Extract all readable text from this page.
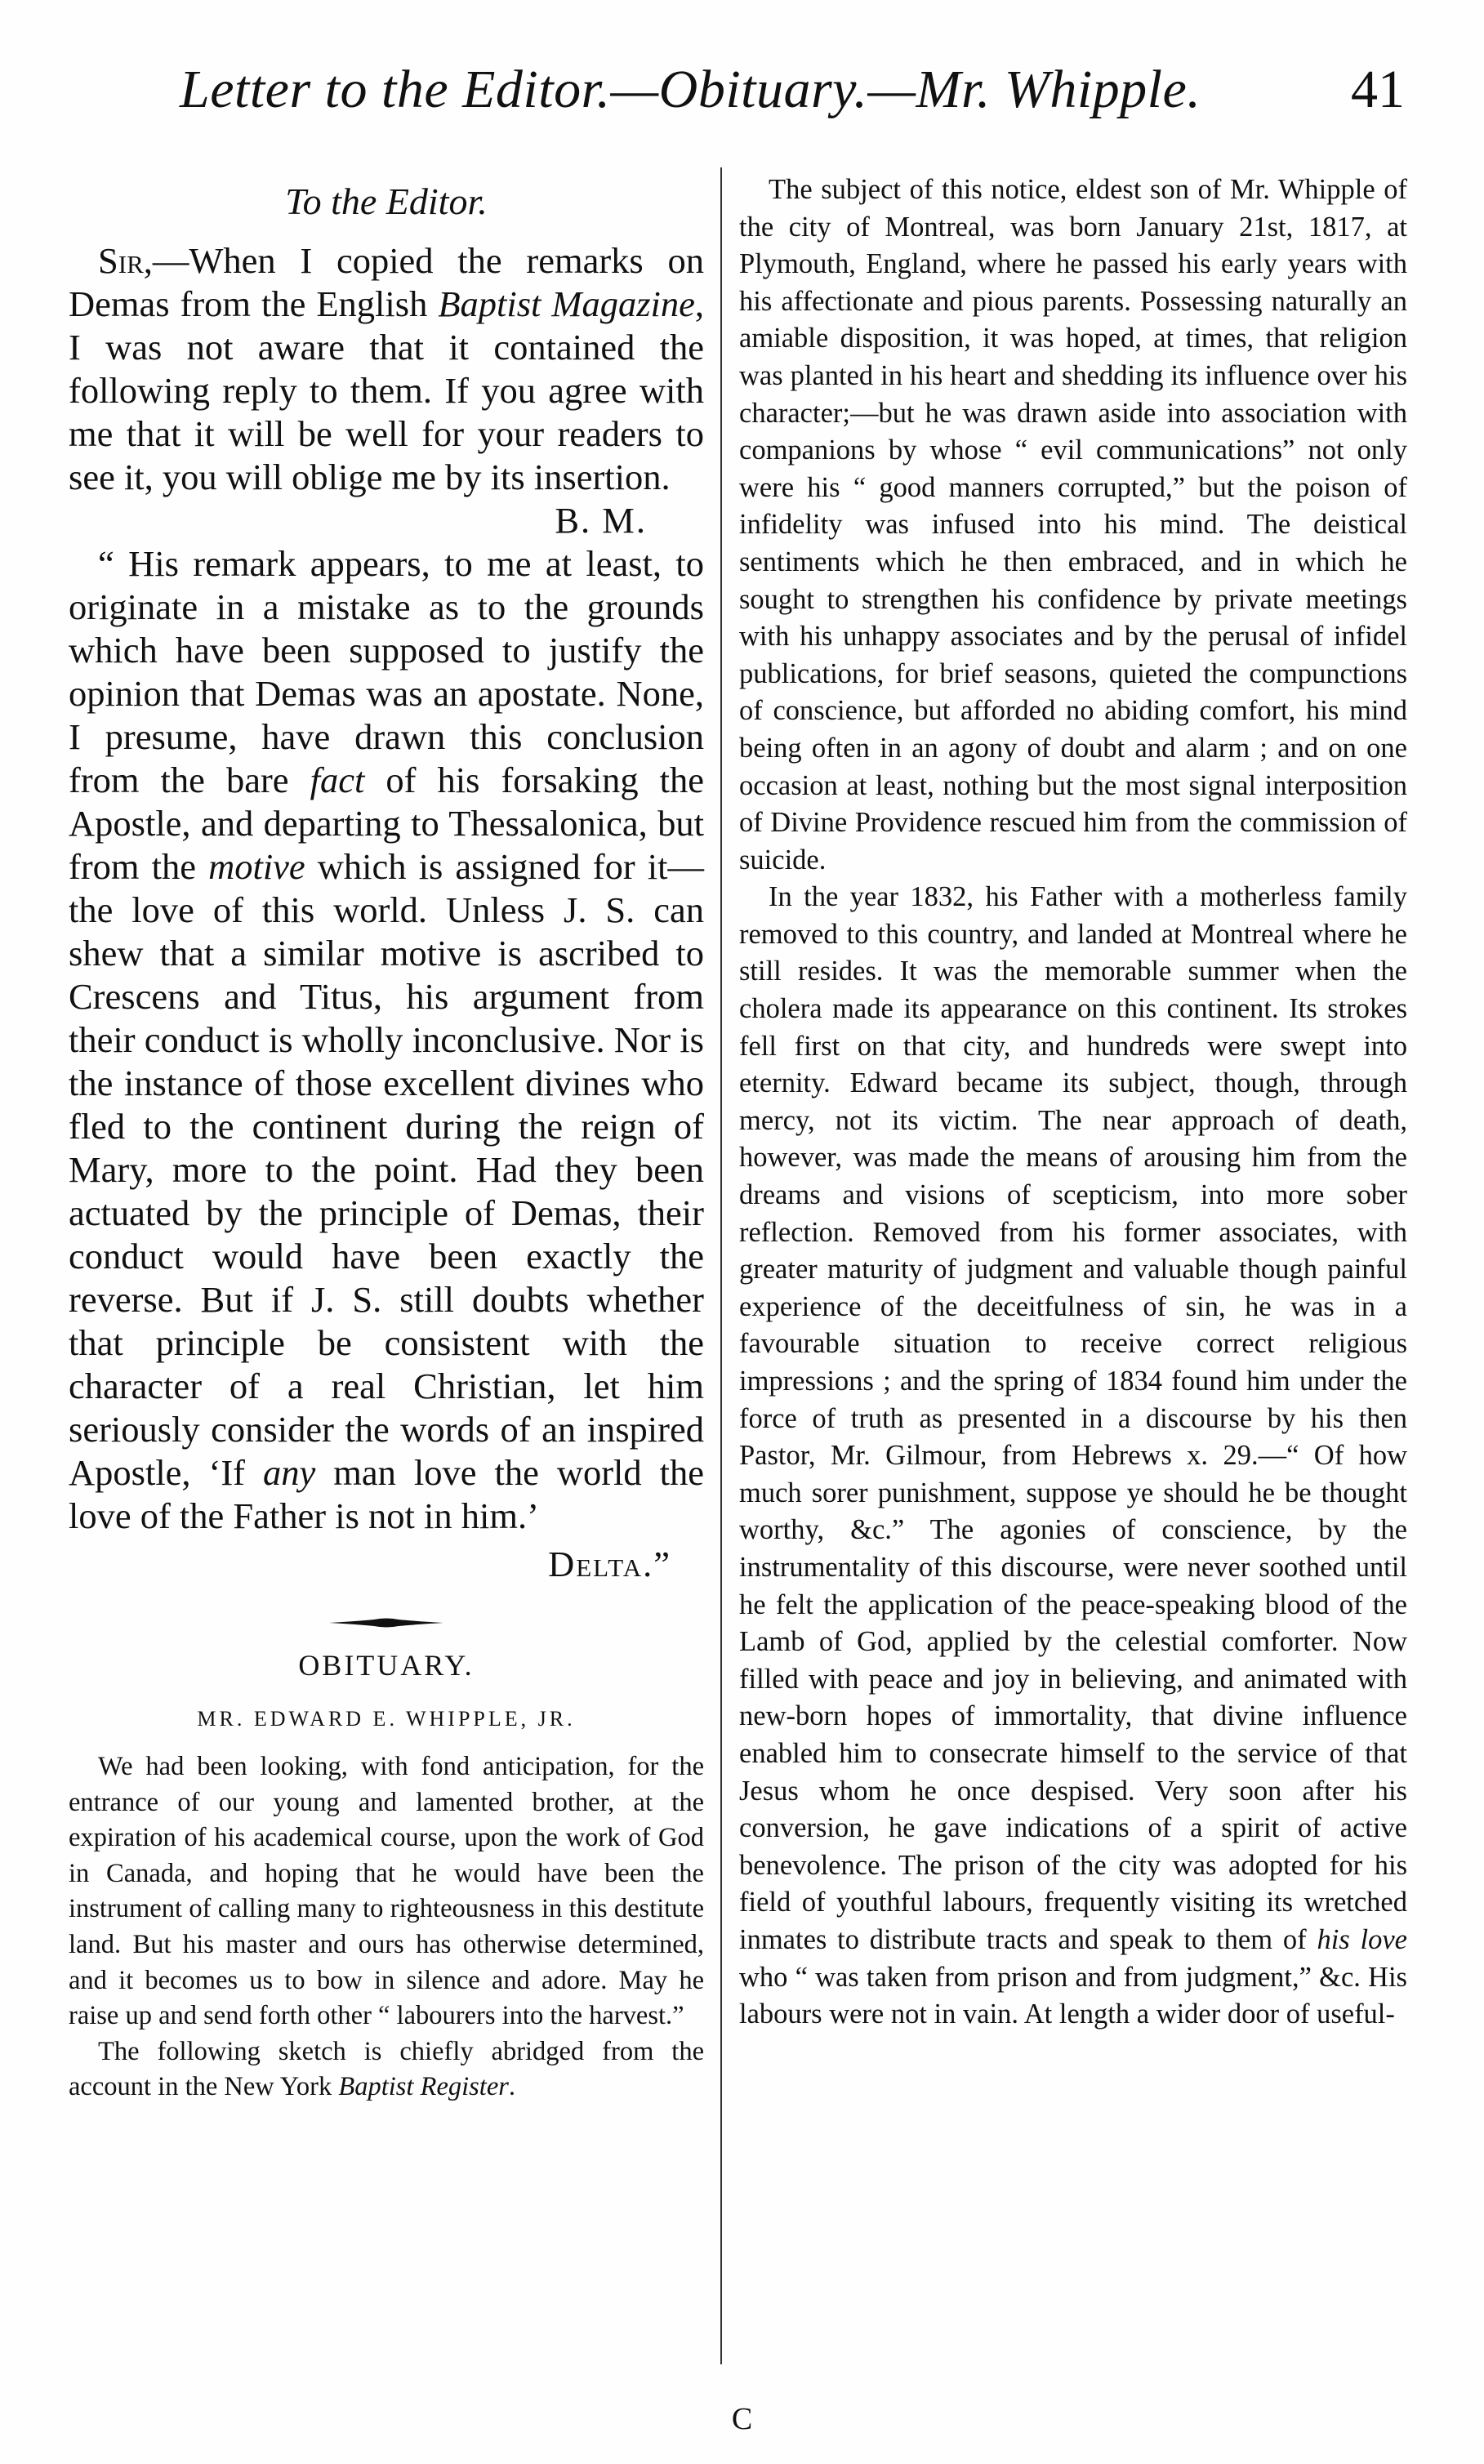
Letter to the Editor.—Obituary.—Mr. Whipple.	41
To the Editor.

Sir,—When I copied the remarks on Demas from the English Baptist Magazine, I was not aware that it contained the following reply to them. If you agree with me that it will be well for your readers to see it, you will oblige me by its insertion.

B. M.

“ His remark appears, to me at least, to originate in a mistake as to the grounds which have been supposed to justify the opinion that Demas was an apostate. None, I presume, have drawn this conclusion from the bare fact of his forsaking the Apostle, and departing to Thessalonica, but from the motive which is assigned for it—the love of this world. Unless J. S. can shew that a similar motive is ascribed to Crescens and Titus, his argument from their conduct is wholly inconclusive. Nor is the instance of those excellent divines who fled to the continent during the reign of Mary, more to the point. Had they been actuated by the principle of Demas, their conduct would have been exactly the reverse. But if J. S. still doubts whether that principle be consistent with the character of a real Christian, let him seriously consider the words of an inspired Apostle, ‘If any man love the world the love of the Father is not in him.’

Delta.”

OBITUARY.
MR. EDWARD E. WHIPPLE, JR.

We had been looking, with fond anticipation, for the entrance of our young and lamented brother, at the expiration of his academical course, upon the work of God in Canada, and hoping that he would have been the instrument of calling many to righteousness in this destitute land. But his master and ours has otherwise determined, and it becomes us to bow in silence and adore. May he raise up and send forth other “ labourers into the harvest.”

The following sketch is chiefly abridged from the account in the New York Baptist Register.

The subject of this notice, eldest son of Mr. Whipple of the city of Montreal, was born January 21st, 1817, at Plymouth, England, where he passed his early years with his affectionate and pious parents. Possessing naturally an amiable disposition, it was hoped, at times, that religion was planted in his heart and shedding its influence over his character;—but he was drawn aside into association with companions by whose “ evil communications” not only were his “ good manners corrupted,” but the poison of infidelity was infused into his mind. The deistical sentiments which he then embraced, and in which he sought to strengthen his confidence by private meetings with his unhappy associates and by the perusal of infidel publications, for brief seasons, quieted the compunctions of conscience, but afforded no abiding comfort, his mind being often in an agony of doubt and alarm ; and on one occasion at least, nothing but the most signal interposition of Divine Providence rescued him from the commission of suicide.

In the year 1832, his Father with a motherless family removed to this country, and landed at Montreal where he still resides. It was the memorable summer when the cholera made its appearance on this continent. Its strokes fell first on that city, and hundreds were swept into eternity. Edward became its subject, though, through mercy, not its victim. The near approach of death, however, was made the means of arousing him from the dreams and visions of scepticism, into more sober reflection. Removed from his former associates, with greater maturity of judgment and valuable though painful experience of the deceitfulness of sin, he was in a favourable situation to receive correct religious impressions ; and the spring of 1834 found him under the force of truth as presented in a discourse by his then Pastor, Mr. Gilmour, from Hebrews x. 29.—“ Of how much sorer punishment, suppose ye should he be thought worthy, &c.” The agonies of conscience, by the instrumentality of this discourse, were never soothed until he felt the application of the peace-speaking blood of the Lamb of God, applied by the celestial comforter. Now filled with peace and joy in believing, and animated with new-born hopes of immortality, that divine influence enabled him to consecrate himself to the service of that Jesus whom he once despised. Very soon after his conversion, he gave indications of a spirit of active benevolence. The prison of the city was adopted for his field of youthful labours, frequently visiting its wretched inmates to distribute tracts and speak to them of his love who “ was taken from prison and from judgment,” &c. His labours were not in vain. At length a wider door of useful-

C
